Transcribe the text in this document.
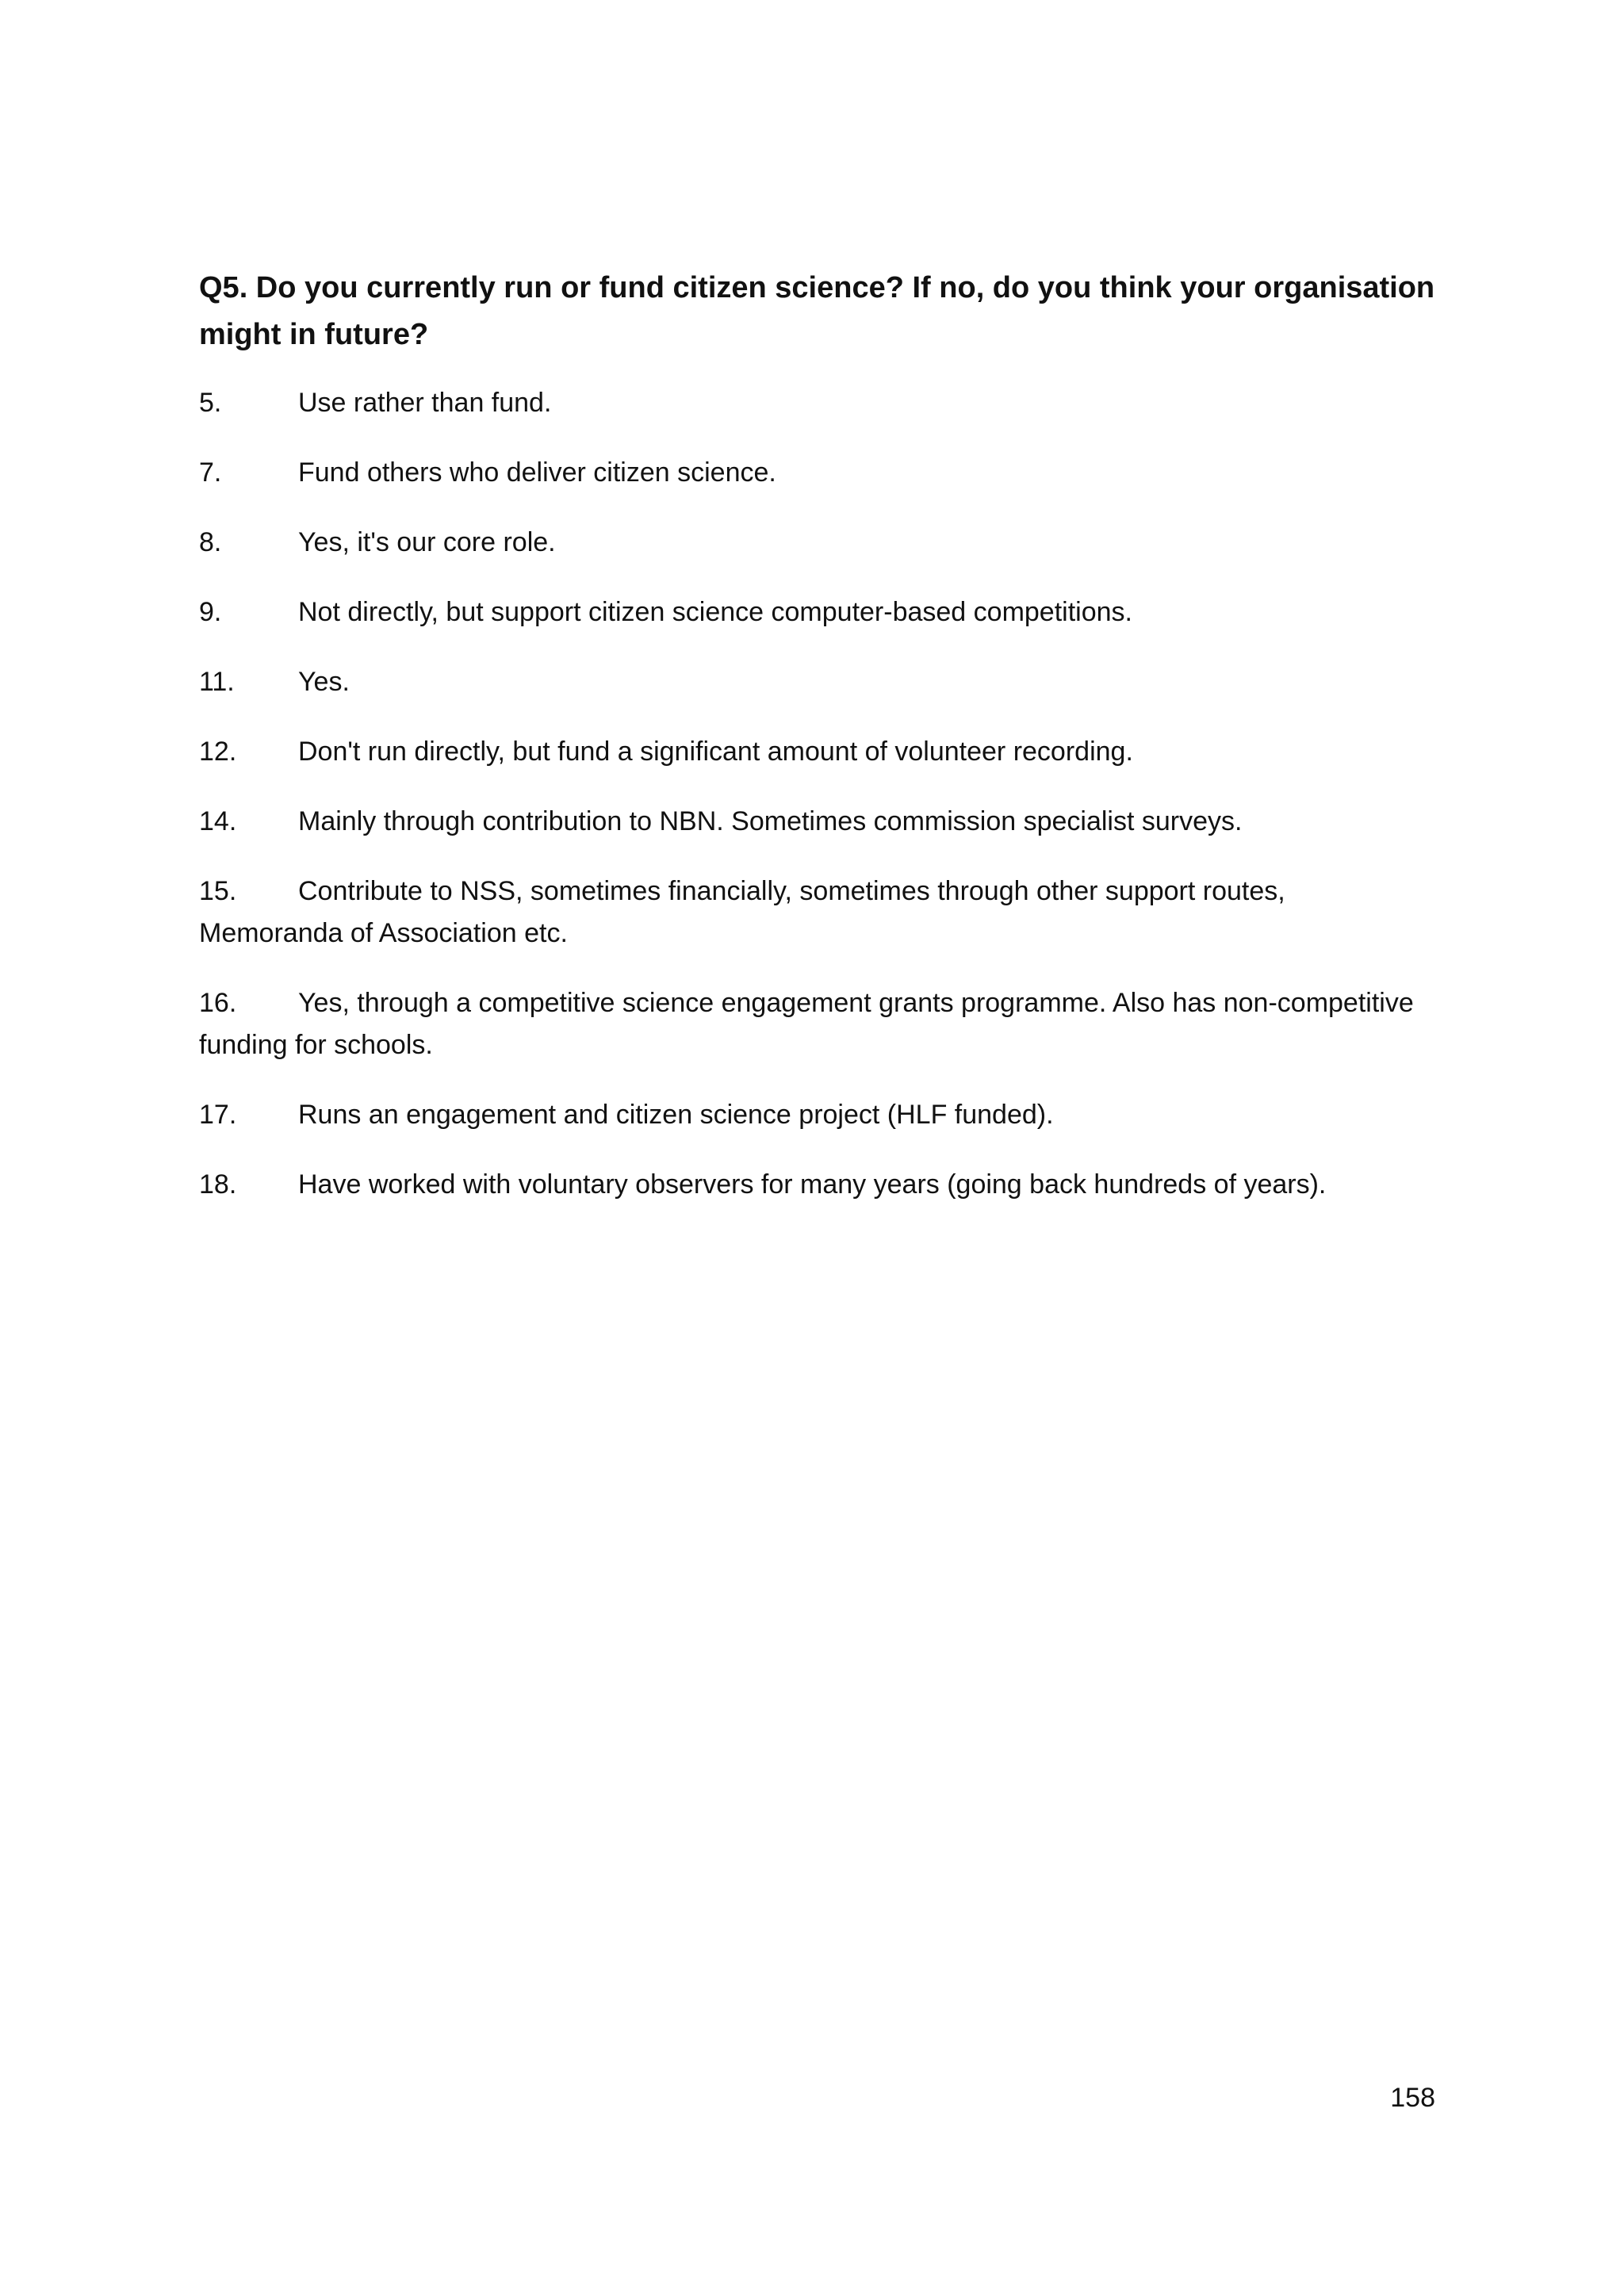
Q5. Do you currently run or fund citizen science? If no, do you think your organisation might in future?
5.	Use rather than fund.
7.	Fund others who deliver citizen science.
8.	Yes, it's our core role.
9.	Not directly, but support citizen science computer-based competitions.
11. Yes.
12. Don't run directly, but fund a significant amount of volunteer recording.
14. Mainly through contribution to NBN. Sometimes commission specialist surveys.
15. Contribute to NSS, sometimes financially, sometimes through other support routes, Memoranda of Association etc.
16. Yes, through a competitive science engagement grants programme. Also has non-competitive funding for schools.
17. Runs an engagement and citizen science project (HLF funded).
18. Have worked with voluntary observers for many years (going back hundreds of years).
158
